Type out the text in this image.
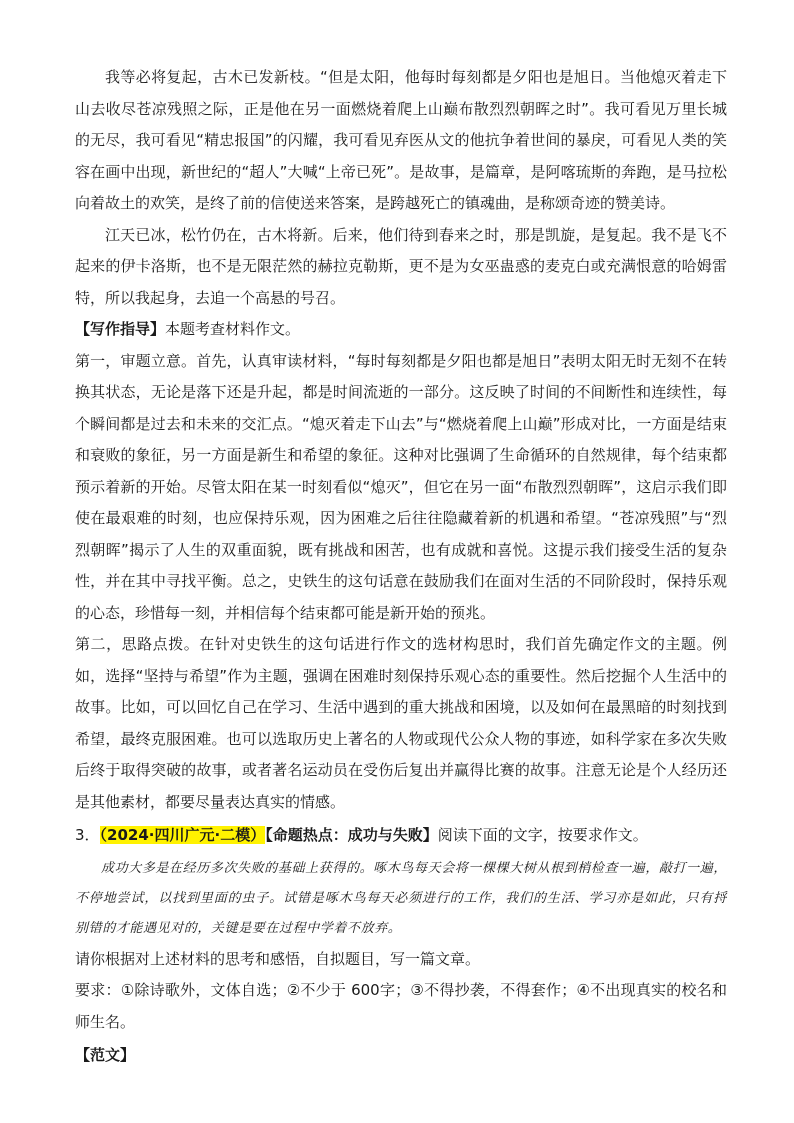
我等必将复起，古木已发新枝。“但是太阳，他每时每刻都是夕阳也是旭日。当他熄灭着走下山去收尽苍凉残照之际，正是他在另一面燃烧着爬上山巅布散烈烈朝晖之时”。我可看见万里长城的无尽，我可看见“精忠报国”的闪耀，我可看见弃医从文的他抗争着世间的暴戾，可看见人类的笑容在画中出现，新世纪的“超人”大喊“上帝已死”。是故事，是篇章，是阿喀琉斯的奔跑，是马拉松向着故土的欢笑，是终了前的信使送来答案，是跨越死亡的镇魂曲，是称颂奇迹的赞美诗。

江天已冰，松竹仍在，古木将新。后来，他们待到春来之时，那是凯旋，是复起。我不是飞不起来的伊卡洛斯，也不是无限茫然的赫拉克勒斯，更不是为女巫蛊惑的麦克白或充满恨意的哈姆雷特，所以我起身，去追一个高悬的号召。

【写作指导】本题考查材料作文。

第一，审题立意。首先，认真审读材料，“每时每刻都是夕阳也都是旭日”表明太阳无时无刻不在转换其状态，无论是落下还是升起，都是时间流逝的一部分。这反映了时间的不间断性和连续性，每个瞬间都是过去和未来的交汇点。“熄灭着走下山去”与“燃烧着爬上山巅”形成对比，一方面是结束和衰败的象征，另一方面是新生和希望的象征。这种对比强调了生命循环的自然规律，每个结束都预示着新的开始。尽管太阳在某一时刻看似“熄灭”，但它在另一面“布散烈烈朝晖”，这启示我们即使在最艰难的时刻，也应保持乐观，因为困难之后往往隐藏着新的机遇和希望。“苍凉残照”与“烈烈朝晖”揭示了人生的双重面貌，既有挑战和困苦，也有成就和喜悦。这提示我们接受生活的复杂性，并在其中寻找平衡。总之，史铁生的这句话意在鼓励我们在面对生活的不同阶段时，保持乐观的心态，珍惜每一刻，并相信每个结束都可能是新开始的预兆。

第二，思路点拨。在针对史铁生的这句话进行作文的选材构思时，我们首先确定作文的主题。例如，选择“坚持与希望”作为主题，强调在困难时刻保持乐观心态的重要性。然后挖掘个人生活中的故事。比如，可以回忆自己在学习、生活中遇到的重大挑战和困境，以及如何在最黑暗的时刻找到希望，最终克服困难。也可以选取历史上著名的人物或现代公众人物的事迹，如科学家在多次失败后终于取得突破的故事，或者著名运动员在受伤后复出并赢得比赛的故事。注意无论是个人经历还是其他素材，都要尽量表达真实的情感。

3．（2024·四川广元·二模）【命题热点：成功与失败】阅读下面的文字，按要求作文。

成功大多是在经历多次失败的基础上获得的。啄木鸟每天会将一棵棵大树从根到梢检查一遍，敲打一遍，不停地尝试，以找到里面的虫子。试错是啄木鸟每天必须进行的工作，我们的生活、学习亦是如此，只有捋别错的才能遇见对的，关键是要在过程中学着不放弃。

请你根据对上述材料的思考和感悟，自拟题目，写一篇文章。

要求：①除诗歌外，文体自选；②不少于 600字；③不得抄袭，不得套作；④不出现真实的校名和师生名。

【范文】
